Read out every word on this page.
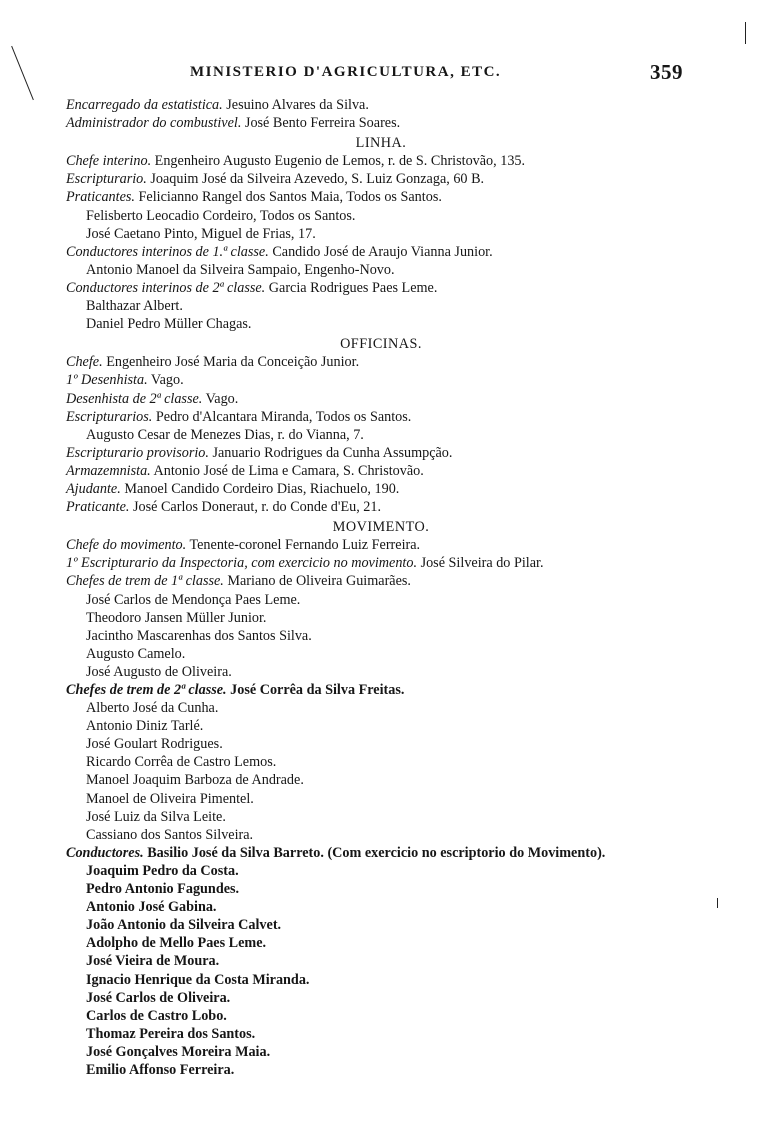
MINISTERIO D'AGRICULTURA, ETC.	359
Encarregado da estatistica. Jesuino Alvares da Silva.
Administrador do combustivel. José Bento Ferreira Soares.
LINHA.
Chefe interino. Engenheiro Augusto Eugenio de Lemos, r. de S. Christovão, 135.
Escripturario. Joaquim José da Silveira Azevedo, S. Luiz Gonzaga, 60 B.
Praticantes. Felicianno Rangel dos Santos Maia, Todos os Santos.
Felisberto Leocadio Cordeiro, Todos os Santos.
José Caetano Pinto, Miguel de Frias, 17.
Conductores interinos de 1.ª classe. Candido José de Araujo Vianna Junior.
Antonio Manoel da Silveira Sampaio, Engenho-Novo.
Conductores interinos de 2ª classe. Garcia Rodrigues Paes Leme.
Balthazar Albert.
Daniel Pedro Müller Chagas.
OFFICINAS.
Chefe. Engenheiro José Maria da Conceição Junior.
1º Desenhista. Vago.
Desenhista de 2ª classe. Vago.
Escripturarios. Pedro d'Alcantara Miranda, Todos os Santos.
Augusto Cesar de Menezes Dias, r. do Vianna, 7.
Escripturario provisorio. Januario Rodrigues da Cunha Assumpção.
Armazemnista. Antonio José de Lima e Camara, S. Christovão.
Ajudante. Manoel Candido Cordeiro Dias, Riachuelo, 190.
Praticante. José Carlos Doneraut, r. do Conde d'Eu, 21.
MOVIMENTO.
Chefe do movimento. Tenente-coronel Fernando Luiz Ferreira.
1º Escripturario da Inspectoria, com exercicio no movimento. José Silveira do Pilar.
Chefes de trem de 1ª classe. Mariano de Oliveira Guimarães.
José Carlos de Mendonça Paes Leme.
Theodoro Jansen Müller Junior.
Jacintho Mascarenhas dos Santos Silva.
Augusto Camelo.
José Augusto de Oliveira.
Chefes de trem de 2ª classe. José Corrêa da Silva Freitas.
Alberto José da Cunha.
Antonio Diniz Tarlé.
José Goulart Rodrigues.
Ricardo Corrêa de Castro Lemos.
Manoel Joaquim Barboza de Andrade.
Manoel de Oliveira Pimentel.
José Luiz da Silva Leite.
Cassiano dos Santos Silveira.
Conductores. Basilio José da Silva Barreto. (Com exercicio no escriptorio do Movimento).
Joaquim Pedro da Costa.
Pedro Antonio Fagundes.
Antonio José Gabina.
João Antonio da Silveira Calvet.
Adolpho de Mello Paes Leme.
José Vieira de Moura.
Ignacio Henrique da Costa Miranda.
José Carlos de Oliveira.
Carlos de Castro Lobo.
Thomaz Pereira dos Santos.
José Gonçalves Moreira Maia.
Emilio Affonso Ferreira.
